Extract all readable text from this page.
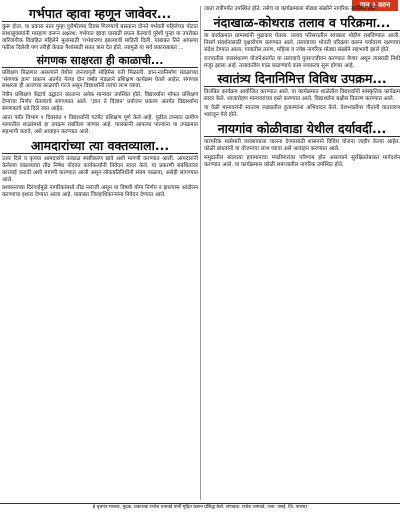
पान ३ वरुन
गर्भपात व्हावा म्हणून जावेवर...

कुरू होता. या प्रकारा नंतर पुन्हा पुरोषोत्तमा दिवस गिरण्याचे बसताना दोनने गर्भवती महिलेच्या पोटात लाथाबुक्क्यांनी मारहाण करून अक्षरश: गर्भपात व्हावा यासाठी प्रयत्न केल्याचे पुरेशी पुन्हा या उपरोक्त वारिंवांगीक विवाहित महिलेने मुलासाठी 'गर्भधारणा झाल्याची माहिती दिली. याबाबत तिने आपल्या पतीला दिलेली पण तरीही केवळ पैशांसाठी सतत त्रास देत होते. त्यामुळे या सर्व प्रकाराबाबत ...

संगणक साक्षरता ही काळाची...

प्रशिक्षण मिळणार असल्याने येथील जनजागृती मोहिमेस गती मिळाली. ज्ञान-नवनिर्माण मंडळाच्या 'संगणक ज्ञान' प्रकल्प अंतर्गत गेल्या दोन वर्षात मंडळाने प्रशिक्षण कार्यक्रम घेतले आहेत. संगणक साक्षरता ही आजच्या काळाची गरज असून विद्यार्थ्यांनी त्याचा लाभ घ्यावा.

नेवीन प्रशिक्षण केंद्राचे उद्घाटन करताना अनेक मान्यवर उपस्थित होते. विद्यार्थ्यांना मोफत प्रशिक्षण देण्याचा निर्णय घेतल्याचे सांगण्यात आले. 'ज्ञान ते विज्ञान' प्रयोजन प्रकल्प अंतर्गत विद्यार्थ्यांना संगणकाचे धडे दिले जात आहेत.

आता पर्यंत विभाग १ दिवसात १ विद्यार्थ्यांनी गटमेंट प्रशिक्षण पूर्ण केले आहे. पुढील टप्प्यात ग्रामीण भागातील शाळांमध्ये हा उपक्रम राबविला जाणार आहे. पालकांनी आपल्या पाल्यांना या उपक्रमात सहभागी करावे, असे आवाहन करण्यात आले.

आमदारांच्या त्या वक्तव्याला...

उत्तर दिले व कृपया आमदारांचे तत्काळ स्पष्टीकरण द्यावे अशी मागणी करण्यात आली. आमदारांनी केलेल्या वक्तव्याचा तीव्र निषेध नोंदवत कार्यकर्त्यांनी निवेदन सादर केले. या प्रकरणी संबंधितांवर कारवाई करावी अशी मागणी करण्यात आली असून लोकप्रतिनिधींनी संयम पाळावा, असेही सांगण्यात आले.

प्रशासनाच्या दिरंगाईमुळे नागरिकांमध्ये तीव्र नाराजी असून या विषयी योग्य निर्णय न झाल्यास आंदोलन करण्याचा इशारा देण्यात आला आहे. याबाबत जिल्हाधिकाऱ्यांना निवेदन देण्यात आले.

जाता रात्रीपर्यंत उपस्थित होते. तसेच या कार्यक्रमाला मोठ्या संख्येने नागरिक उपस्थित होते.

नंदाखाळ-कोथराड तलाव व परिक्रमा...

या कार्यक्रमात ग्रामस्थांनी पुढाकार घेतला. तलाव परिसरातील स्वच्छता मोहीम राबविण्यात आली. निसर्ग संवर्धनासाठी वृक्षारोपण करण्यात आले. तलावाच्या भोवती परिक्रमा करून पर्यावरण रक्षणाचा संदेश देण्यात आला. गावातील तरुण, महिला व ज्येष्ठ नागरिक मोठ्या संख्येने सहभागी झाले होते.

राज्यातील जलसंधारण योजनेअंतर्गत या तलावाचे पुनरुज्जीवन करण्यात येणार असून त्यासाठी निधी मंजूर झाला आहे. तलावातील गाळ काढण्याचे काम लवकरच सुरू होणार आहे.

स्वातंत्र्य दिनानिमित्त विविध उपक्रम...

विलंबित कार्यक्रम आयोजित करण्यात आले. या कार्यक्रमात शाळेतील विद्यार्थ्यांनी सांस्कृतिक कार्यक्रम सादर केले. ध्वजारोहण मान्यवरांच्या हस्ते करण्यात आले. विद्यार्थ्यांना बक्षीस वितरण करण्यात आले.

या वेळी मान्यवरांनी स्वातंत्र्य लढ्यातील हुतात्म्यांना अभिवादन केले. देशभक्तीपर गीतांनी वातावरण भारावून गेले होते.

नायगांव कोळीवाडा येथील दर्यावर्दी...

पारंपरिक मासेमारी व्यवसायाला चालना देण्यासाठी शासनाने विविध योजना जाहीर केल्या आहेत. कोळी बांधवांनी या योजनांचा लाभ घ्यावा असे आवाहन करण्यात आले.

समुद्रातील बदलत्या हवामानाचा मच्छीमारांवर परिणाम होत असल्याने सुरक्षिततेबाबत मार्गदर्शन करण्यात आले. या कार्यक्रमास कोळी समाजातील नागरिक उपस्थित होते.

हे वृत्तपत्र मालक, मुद्रक, प्रकाशक राजेश धनावडे यांनी मुद्रित करून प्रसिद्ध केले. संपादक: राजेश धनावडे, पत्ता: वसई, जि. पालघर
